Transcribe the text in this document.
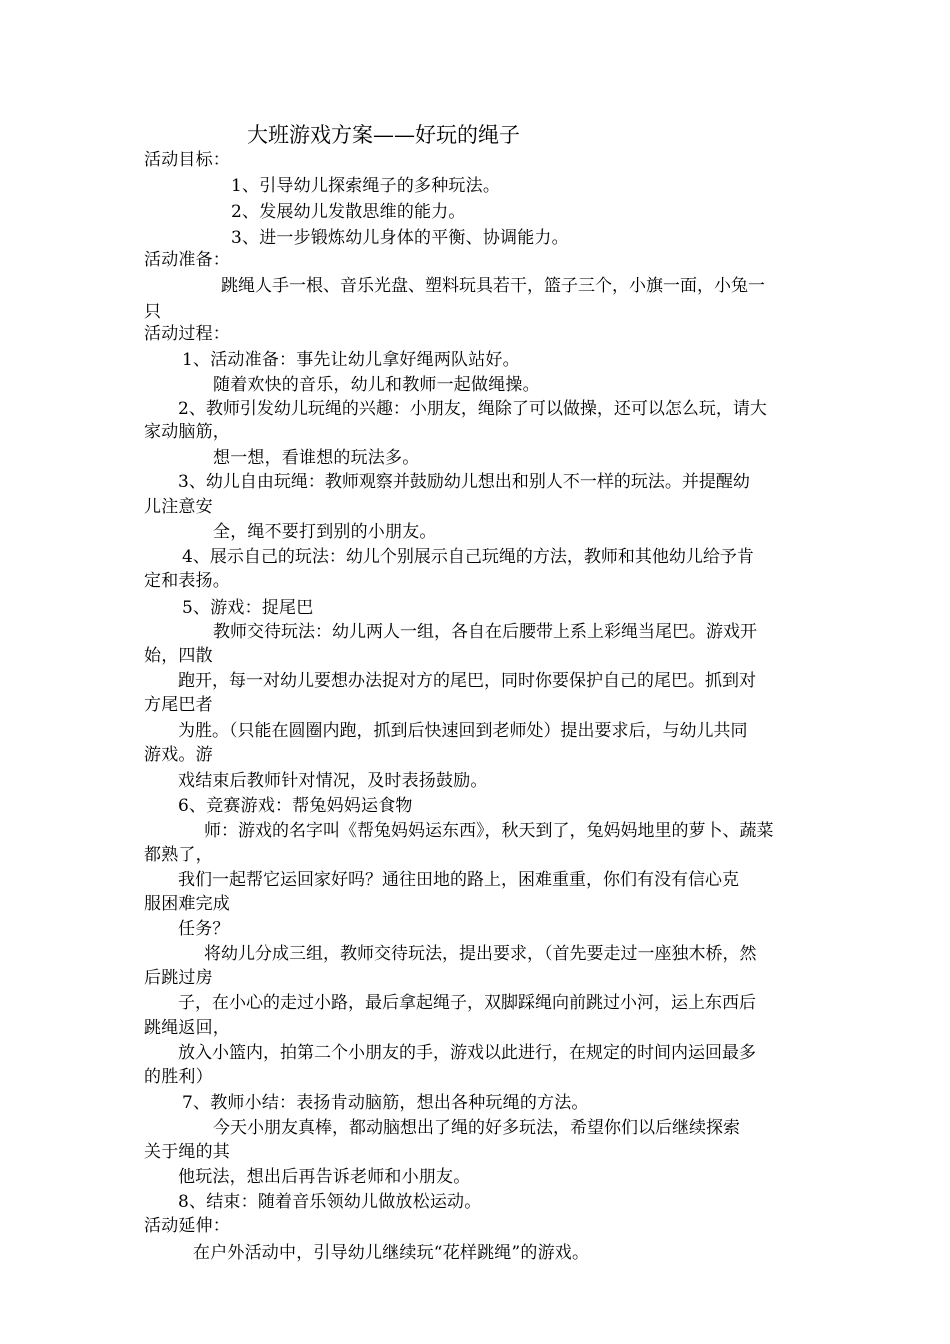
大班游戏方案——好玩的绳子
活动目标：
1、引导幼儿探索绳子的多种玩法。
2、发展幼儿发散思维的能力。
3、进一步锻炼幼儿身体的平衡、协调能力。
活动准备：
跳绳人手一根、音乐光盘、塑料玩具若干，篮子三个，小旗一面，小兔一
只
活动过程：
1、活动准备：事先让幼儿拿好绳两队站好。
随着欢快的音乐，幼儿和教师一起做绳操。
2、教师引发幼儿玩绳的兴趣：小朋友，绳除了可以做操，还可以怎么玩，请大
家动脑筋，
想一想，看谁想的玩法多。
3、幼儿自由玩绳：教师观察并鼓励幼儿想出和别人不一样的玩法。并提醒幼
儿注意安
全，绳不要打到别的小朋友。
4、展示自己的玩法：幼儿个别展示自己玩绳的方法，教师和其他幼儿给予肯
定和表扬。
5、游戏：捉尾巴
教师交待玩法：幼儿两人一组，各自在后腰带上系上彩绳当尾巴。游戏开
始，四散
跑开，每一对幼儿要想办法捉对方的尾巴，同时你要保护自己的尾巴。抓到对
方尾巴者
为胜。（只能在圆圈内跑，抓到后快速回到老师处）提出要求后，与幼儿共同
游戏。游
戏结束后教师针对情况，及时表扬鼓励。
6、竞赛游戏：帮兔妈妈运食物
师：游戏的名字叫《帮兔妈妈运东西》，秋天到了，兔妈妈地里的萝卜、蔬菜
都熟了，
我们一起帮它运回家好吗？通往田地的路上，困难重重，你们有没有信心克
服困难完成
任务？
将幼儿分成三组，教师交待玩法，提出要求，（首先要走过一座独木桥，然
后跳过房
子，在小心的走过小路，最后拿起绳子，双脚踩绳向前跳过小河，运上东西后
跳绳返回，
放入小篮内，拍第二个小朋友的手，游戏以此进行，在规定的时间内运回最多
的胜利）
7、教师小结：表扬肯动脑筋，想出各种玩绳的方法。
今天小朋友真棒，都动脑想出了绳的好多玩法，希望你们以后继续探索
关于绳的其
他玩法，想出后再告诉老师和小朋友。
8、结束：随着音乐领幼儿做放松运动。
活动延伸：
在户外活动中，引导幼儿继续玩“花样跳绳”的游戏。
